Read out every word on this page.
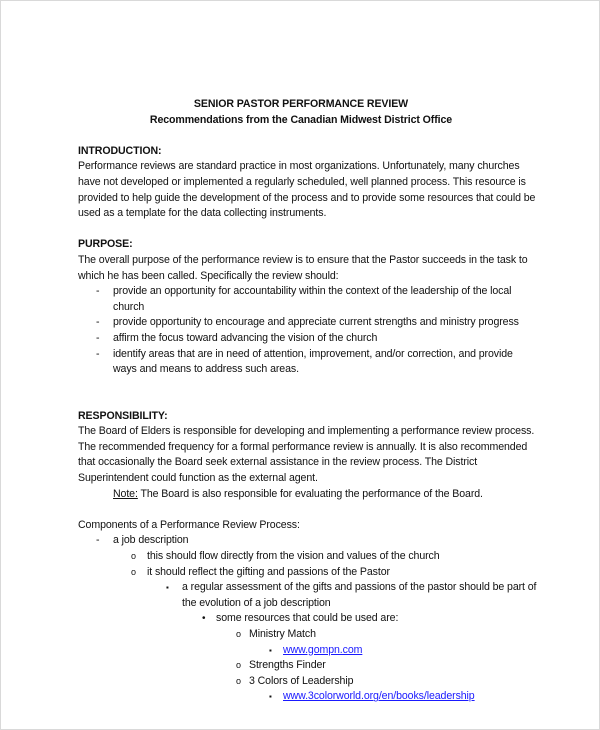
SENIOR PASTOR PERFORMANCE REVIEW
Recommendations from the Canadian Midwest District Office

INTRODUCTION:

Performance reviews are standard practice in most organizations. Unfortunately, many churches have not developed or implemented a regularly scheduled, well planned process. This resource is provided to help guide the development of the process and to provide some resources that could be used as a template for the data collecting instruments.

PURPOSE:

The overall purpose of the performance review is to ensure that the Pastor succeeds in the task to which he has been called. Specifically the review should:

- provide an opportunity for accountability within the context of the leadership of the local church
- provide opportunity to encourage and appreciate current strengths and ministry progress
- affirm the focus toward advancing the vision of the church
- identify areas that are in need of attention, improvement, and/or correction, and provide ways and means to address such areas.

RESPONSIBILITY:

The Board of Elders is responsible for developing and implementing a performance review process. The recommended frequency for a formal performance review is annually. It is also recommended that occasionally the Board seek external assistance in the review process. The District Superintendent could function as the external agent.

Note: The Board is also responsible for evaluating the performance of the Board.

Components of a Performance Review Process:

- a job description
o this should flow directly from the vision and values of the church
o it should reflect the gifting and passions of the Pastor
▪ a regular assessment of the gifts and passions of the pastor should be part of the evolution of a job description
• some resources that could be used are:
o Ministry Match
▪ www.gompn.com
o Strengths Finder
o 3 Colors of Leadership
▪ www.3colorworld.org/en/books/leadership
